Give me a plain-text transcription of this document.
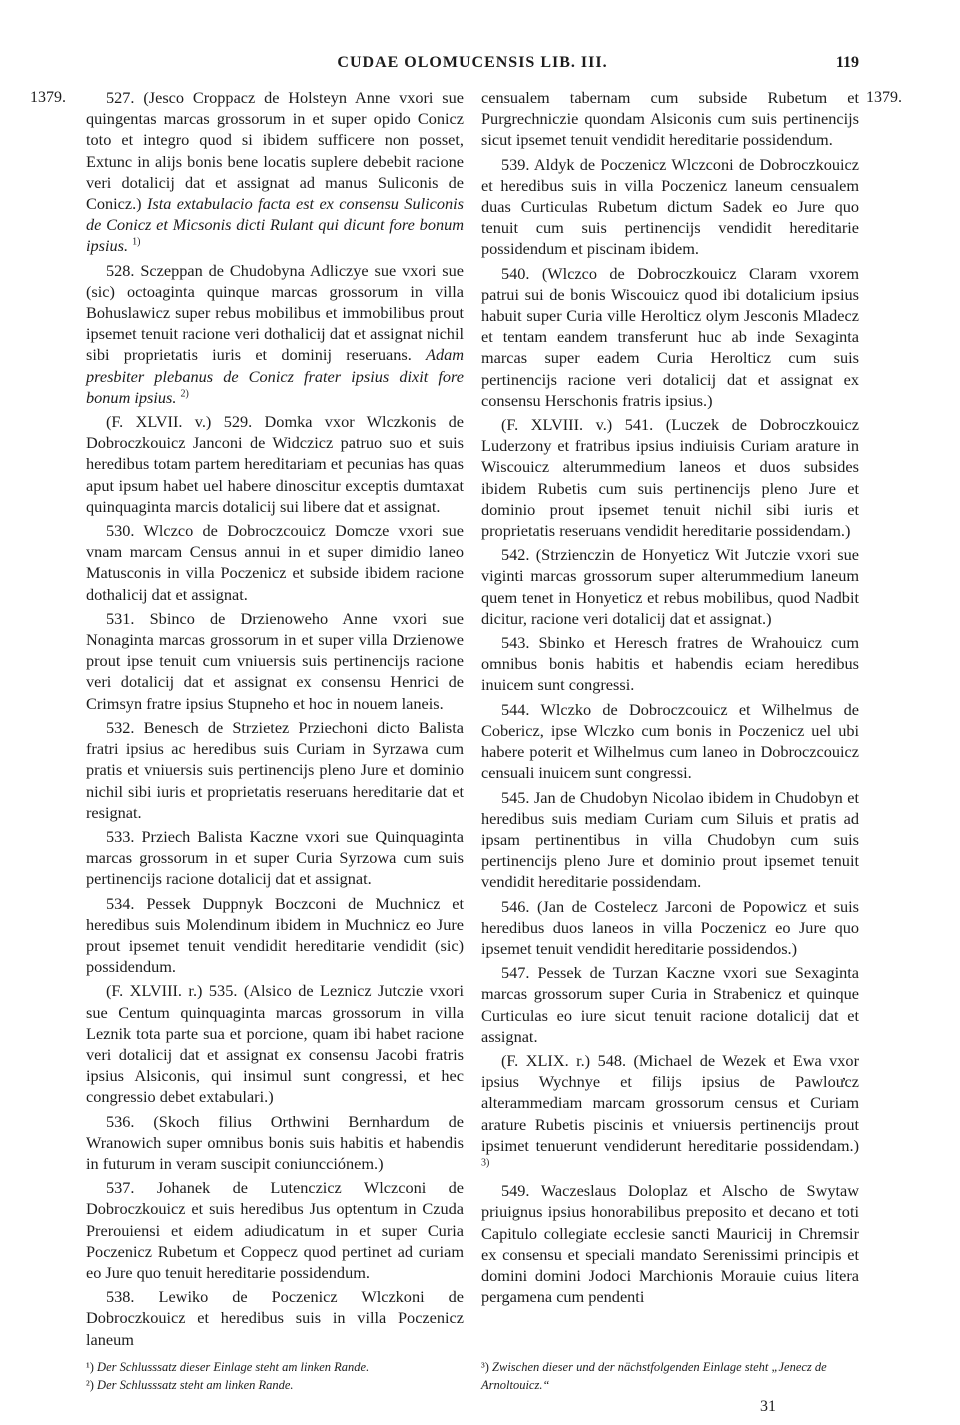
CUDAE OLOMUCENSIS LIB. III.	119
1379.	1379.

527. (Jesco Croppacz de Holsteyn Anne vxori sue quingentas marcas grossorum in et super opido Conicz toto et integro quod si ibidem sufficere non posset, Extunc in alijs bonis bene locatis suplere debebit racione veri dotalicij dat et assignat ad manus Suliconis de Conicz.) Ista extabulacio facta est ex consensu Suliconis de Conicz et Micsonis dicti Rulant qui dicunt fore bonum ipsius. $^{1)}$

528. Sczeppan de Chudobyna Adliczye sue vxori sue (sic) octoaginta quinque marcas grossorum in villa Bohuslawicz super rebus mobilibus et immobilibus prout ipsemet tenuit racione veri dothalicij dat et assignat nichil sibi proprietatis iuris et dominij reseruans. Adam presbiter plebanus de Conicz frater ipsius dixit fore bonum ipsius. $^{2)}$

(F. XLVII. v.) 529. Domka vxor Wlczkonis de Dobroczkouicz Janconi de Widczicz patruo suo et suis heredibus totam partem hereditariam et pecunias has quas aput ipsum habet uel habere dinoscitur exceptis dumtaxat quinquaginta marcis dotalicij sui libere dat et assignat.

530. Wlczco de Dobroczcouicz Domcze vxori sue vnam marcam Census annui in et super dimidio laneo Matusconis in villa Poczenicz et subside ibidem racione dothalicij dat et assignat.

531. Sbinco de Drzienoweho Anne vxori sue Nonaginta marcas grossorum in et super villa Drzienowe prout ipse tenuit cum vniuersis suis pertinencijs racione veri dotalicij dat et assignat ex consensu Henrici de Crimsyn fratre ipsius Stupneho et hoc in nouem laneis.

532. Benesch de Strzietez Prziechoni dicto Balista fratri ipsius ac heredibus suis Curiam in Syrzawa cum pratis et vniuersis suis pertinencijs pleno Jure et dominio nichil sibi iuris et proprietatis reseruans hereditarie dat et resignat.

533. Prziech Balista Kaczne vxori sue Quinquaginta marcas grossorum in et super Curia Syrzowa cum suis pertinencijs racione dotalicij dat et assignat.

534. Pessek Duppnyk Boczconi de Muchnicz et heredibus suis Molendinum ibidem in Muchnicz eo Jure prout ipsemet tenuit vendidit hereditarie vendidit (sic) possidendum.

(F. XLVIII. r.) 535. (Alsico de Leznicz Jutczie vxori sue Centum quinquaginta marcas grossorum in villa Leznik tota parte sua et porcione, quam ibi habet racione veri dotalicij dat et assignat ex consensu Jacobi fratris ipsius Alsiconis, qui insimul sunt congressi, et hec congressio debet extabulari.)

536. (Skoch filius Orthwini Bernhardum de Wranowich super omnibus bonis suis habitis et habendis in futurum in veram suscipit coniuncciónem.)

537. Johanek de Lutenczicz Wlczconi de Dobroczkouicz et suis heredibus Jus optentum in Czuda Prerouiensi et eidem adiudicatum in et super Curia Poczenicz Rubetum et Coppecz quod pertinet ad curiam eo Jure quo tenuit hereditarie possidendum.

538. Lewiko de Poczenicz Wlczkoni de Dobroczkouicz et heredibus suis in villa Poczenicz laneum

censualem tabernam cum subside Rubetum et Purgrechniczie quondam Alsiconis cum suis pertinencijs sicut ipsemet tenuit vendidit hereditarie possidendum.

539. Aldyk de Poczenicz Wlczconi de Dobroczkouicz et heredibus suis in villa Poczenicz laneum censualem duas Curticulas Rubetum dictum Sadek eo Jure quo tenuit cum suis pertinencijs vendidit hereditarie possidendum et piscinam ibidem.

540. (Wlczco de Dobroczkouicz Claram vxorem patrui sui de bonis Wiscouicz quod ibi dotalicium ipsius habuit super Curia ville Herolticz olym Jesconis Mladecz et tentam eandem transferunt huc ab inde Sexaginta marcas super eadem Curia Herolticz cum suis pertinencijs racione veri dotalicij dat et assignat ex consensu Herschonis fratris ipsius.)

(F. XLVIII. v.) 541. (Luczek de Dobroczkouicz Luderzony et fratribus ipsius indiuisis Curiam arature in Wiscouicz alterummedium laneos et duos subsides ibidem Rubetis cum suis pertinencijs pleno Jure et dominio prout ipsemet tenuit nichil sibi iuris et proprietatis reseruans vendidit hereditarie possidendam.)

542. (Strzienczin de Honyeticz Wit Jutczie vxori sue viginti marcas grossorum super alterummedium laneum quem tenet in Honyeticz et rebus mobilibus, quod Nadbit dicitur, racione veri dotalicij dat et assignat.)

543. Sbinko et Heresch fratres de Wrahouicz cum omnibus bonis habitis et habendis eciam heredibus inuicem sunt congressi.

544. Wlczko de Dobroczcouicz et Wilhelmus de Cobericz, ipse Wlczko cum bonis in Poczenicz uel ubi habere poterit et Wilhelmus cum laneo in Dobroczcouicz censuali inuicem sunt congressi.

545. Jan de Chudobyn Nicolao ibidem in Chudobyn et heredibus suis mediam Curiam cum Siluis et pratis ad ipsam pertinentibus in villa Chudobyn cum suis pertinencijs pleno Jure et dominio prout ipsemet tenuit vendidit hereditarie possidendam.

546. (Jan de Costelecz Jarconi de Popowicz et suis heredibus duos laneos in villa Poczenicz eo Jure quo ipsemet tenuit vendidit hereditarie possidendos.)

547. Pessek de Turzan Kaczne vxori sue Sexaginta marcas grossorum super Curia in Strabenicz et quinque Curticulas eo iure sicut tenuit racione dotalicij dat et assignat.

(F. XLIX. r.) 548. (Michael de Wezek et Ewa vxor ipsius Wychnye et filijs ipsius de Pawloưcz alterammediam marcam grossorum census et Curiam arature Rubetis piscinis et vniuersis pertinencijs prout ipsimet tenuerunt vendiderunt hereditarie possidendam.) $^{3)}$

549. Waczeslaus Doloplaz et Alscho de Swytaw priuignus ipsius honorabilibus preposito et decano et toti Capitulo collegiate ecclesie sancti Mauricij in Chremsir ex consensu et speciali mandato Serenissimi principis et domini domini Jodoci Marchionis Morauie cuius litera pergamena cum pendenti

¹) Der Schlusssatz dieser Einlage steht am linken Rande.

²) Der Schlusssatz steht am linken Rande.

³) Zwischen dieser und der nächstfolgenden Einlage steht „Jenecz de Arnoltouicz.“

31
